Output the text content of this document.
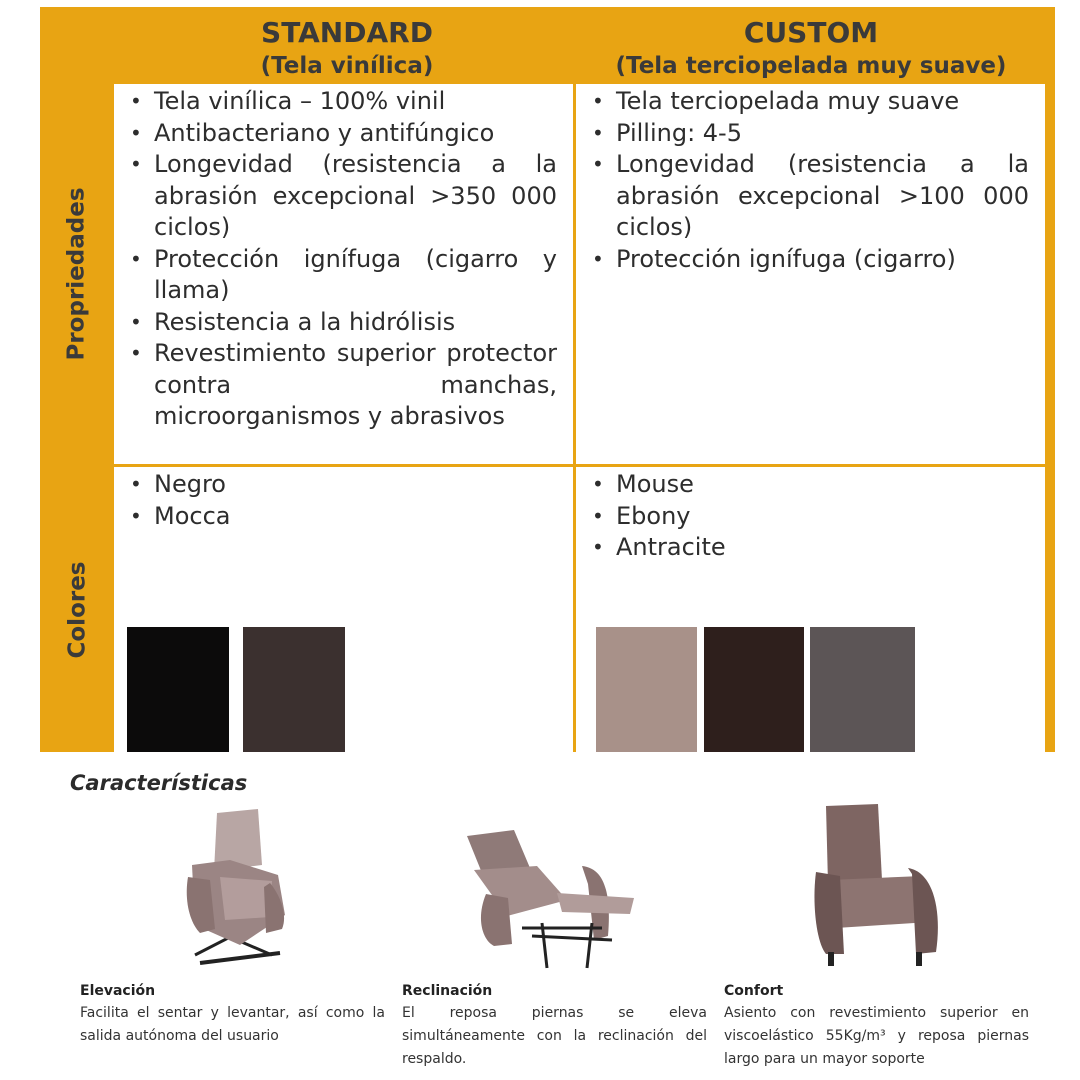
STANDARD
(Tela vinílica)
CUSTOM
(Tela terciopelada muy suave)
Propriedades
Colores
• Tela vinílica – 100% vinil
• Antibacteriano y antifúngico
• Longevidad (resistencia a la abrasión excepcional >350 000 ciclos)
• Protección ignífuga (cigarro y llama)
• Resistencia a la hidrólisis
• Revestimiento superior protector contra manchas, microorganismos y abrasivos
• Tela terciopelada muy suave
• Pilling: 4-5
• Longevidad (resistencia a la abrasión excepcional >100 000 ciclos)
• Protección ignífuga (cigarro)
• Negro
• Mocca
• Mouse
• Ebony
• Antracite
Características
Elevación
Facilita el sentar y levantar, así como la salida autónoma del usuario
Reclinación
El reposa piernas se eleva simultáneamente con la reclinación del respaldo.
Confort
Asiento con revestimiento superior en viscoelástico 55Kg/m³ y reposa piernas largo para un mayor soporte
